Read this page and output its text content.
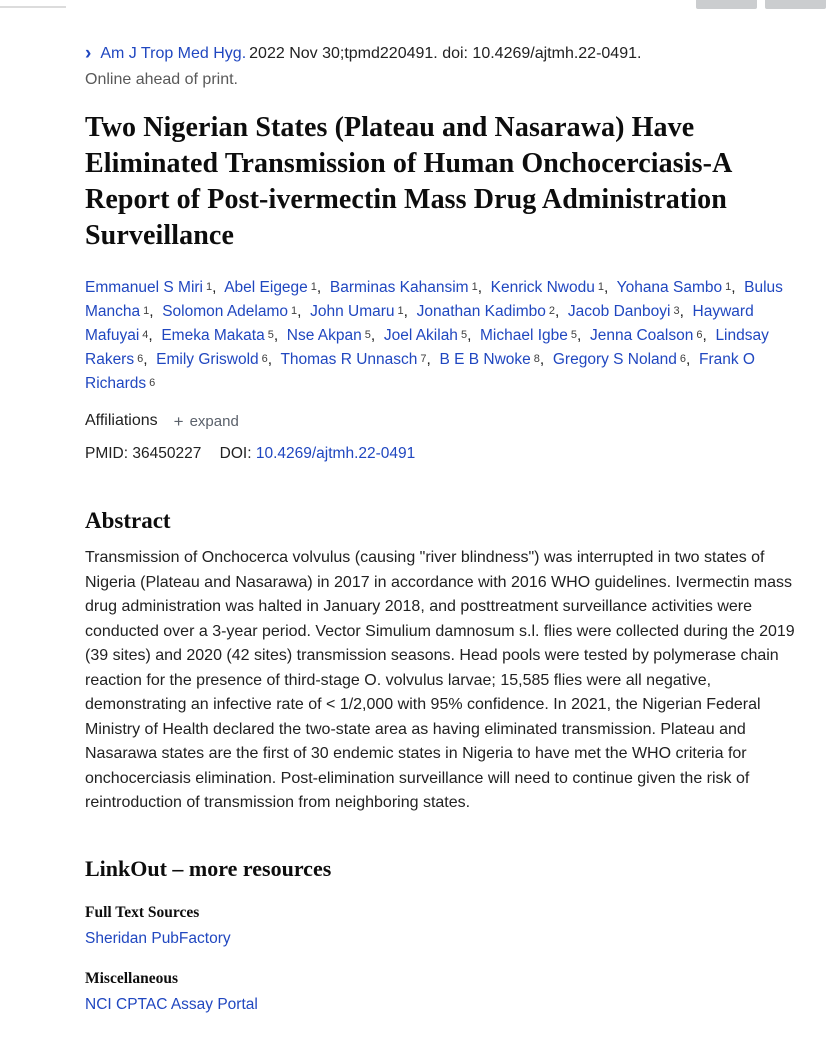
› Am J Trop Med Hyg. 2022 Nov 30;tpmd220491. doi: 10.4269/ajtmh.22-0491.
Online ahead of print.
Two Nigerian States (Plateau and Nasarawa) Have Eliminated Transmission of Human Onchocerciasis-A Report of Post-ivermectin Mass Drug Administration Surveillance
Emmanuel S Miri $^1$,  Abel Eigege $^1$,  Barminas Kahansim $^1$,  Kenrick Nwodu $^1$,  Yohana Sambo $^1$,  Bulus Mancha $^1$,  Solomon Adelamo $^1$,  John Umaru $^1$,  Jonathan Kadimbo $^2$,  Jacob Danboyi $^3$,  Hayward Mafuyai $^4$,  Emeka Makata $^5$,  Nse Akpan $^5$,  Joel Akilah $^5$,  Michael Igbe $^5$,  Jenna Coalson $^6$,  Lindsay Rakers $^6$,  Emily Griswold $^6$,  Thomas R Unnasch $^7$,  B E B Nwoke $^8$,  Gregory S Noland $^6$,  Frank O Richards $^6$
Affiliations + expand
PMID: 36450227 DOI: 10.4269/ajtmh.22-0491
Abstract

Transmission of Onchocerca volvulus (causing "river blindness") was interrupted in two states of Nigeria (Plateau and Nasarawa) in 2017 in accordance with 2016 WHO guidelines. Ivermectin mass drug administration was halted in January 2018, and posttreatment surveillance activities were conducted over a 3-year period. Vector Simulium damnosum s.l. flies were collected during the 2019 (39 sites) and 2020 (42 sites) transmission seasons. Head pools were tested by polymerase chain reaction for the presence of third-stage O. volvulus larvae; 15,585 flies were all negative, demonstrating an infective rate of < 1/2,000 with 95% confidence. In 2021, the Nigerian Federal Ministry of Health declared the two-state area as having eliminated transmission. Plateau and Nasarawa states are the first of 30 endemic states in Nigeria to have met the WHO criteria for onchocerciasis elimination. Post-elimination surveillance will need to continue given the risk of reintroduction of transmission from neighboring states.

LinkOut – more resources
Full Text Sources
Sheridan PubFactory
Miscellaneous
NCI CPTAC Assay Portal
